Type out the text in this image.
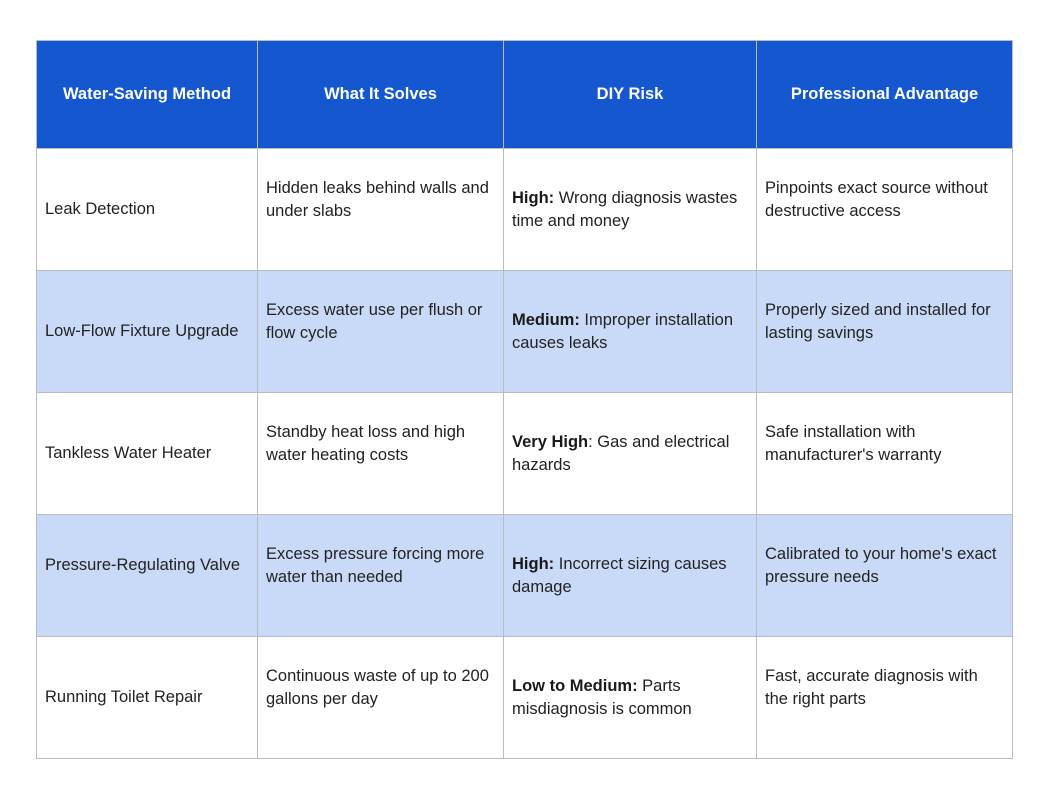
Water-Saving Method	What It Solves	DIY Risk	Professional Advantage
Leak Detection	Hidden leaks behind walls and under slabs	High: Wrong diagnosis wastes time and money	Pinpoints exact source without destructive access

Low-Flow Fixture Upgrade	Excess water use per flush or flow cycle	Medium: Improper installation causes leaks	Properly sized and installed for lasting savings

Tankless Water Heater	Standby heat loss and high water heating costs	Very High: Gas and electrical hazards	Safe installation with manufacturer's warranty

Pressure-Regulating Valve	Excess pressure forcing more water than needed	High: Incorrect sizing causes damage	Calibrated to your home's exact pressure needs

Running Toilet Repair	Continuous waste of up to 200 gallons per day	Low to Medium: Parts misdiagnosis is common	Fast, accurate diagnosis with the right parts
